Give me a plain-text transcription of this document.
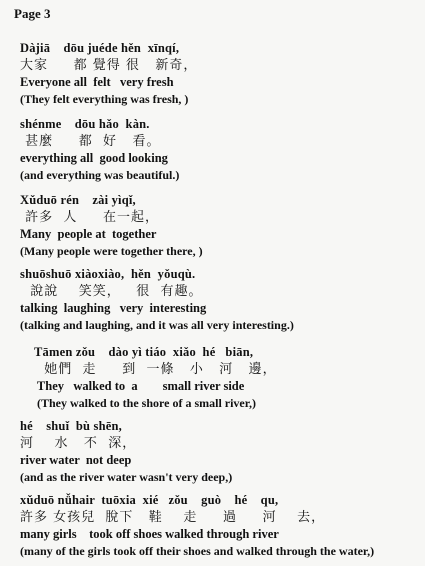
Page 3
Dàjiā    dōu juéde hěn  xīnqí,
大家     都 覺得 很   新奇，
Everyone all  felt   very fresh
(They felt everything was fresh, )
shénme    dōu hǎo  kàn.
甚麼     都  好   看。
everything all  good looking
(and everything was beautiful.)
Xǔduō rén    zài yìqǐ,
許多  人     在一起，
Many  people at  together
(Many people were together there, )
shuōshuō xiàoxiào,  hěn  yǒuqù.
說說    笑笑，   很  有趣。
talking  laughing   very  interesting
(talking and laughing, and it was all very interesting.)
Tāmen zǒu    dào yì tiáo  xiǎo  hé   biān,
她們  走     到  一條   小   河   邊，
They   walked to  a        small river side
(They walked to the shore of a small river,)
hé    shuǐ  bù shēn,
河    水   不  深，
river water  not deep
(and as the river water wasn't very deep,)
xǔduō nǚhair  tuōxia  xié   zǒu    guò    hé    qu,
許多 女孩兒  脫下   鞋    走     過     河    去，
many girls    took off shoes walked through river
(many of the girls took off their shoes and walked through the water,)
